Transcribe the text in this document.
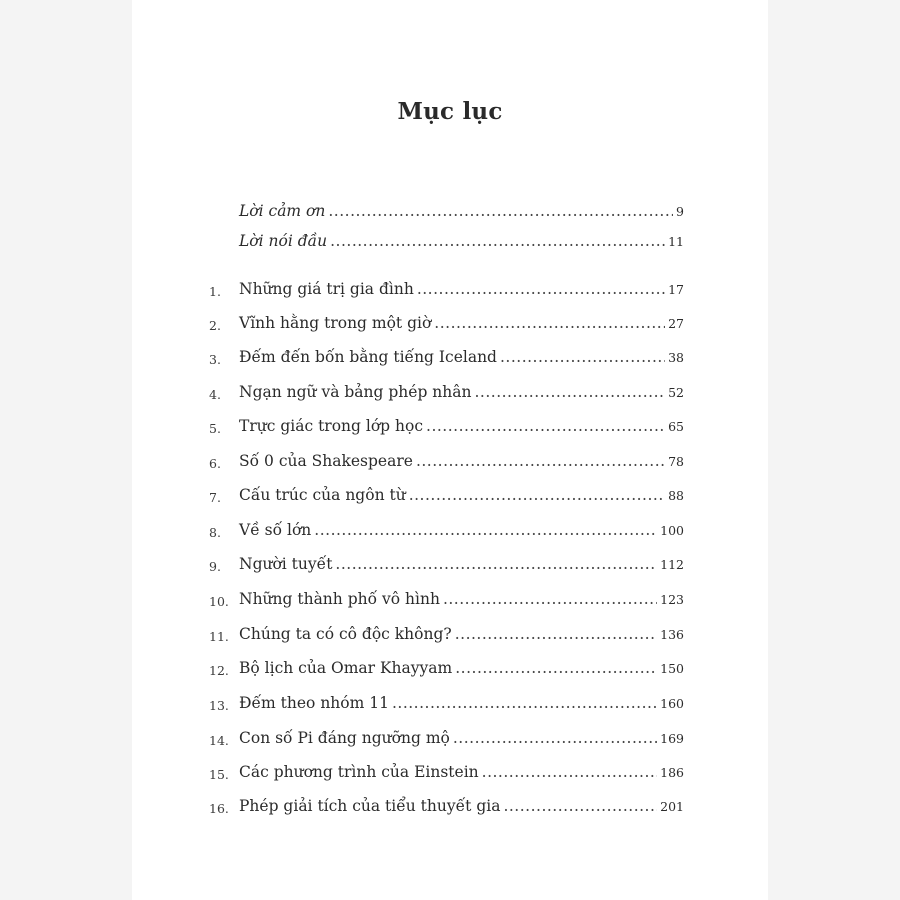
Mục lục
Lời cảm ơn .....	9
Lời nói đầu .....	11
1. Những giá trị gia đình .....	17
2. Vĩnh hằng trong một giờ .....	27
3. Đếm đến bốn bằng tiếng Iceland .....	38
4. Ngạn ngữ và bảng phép nhân .....	52
5. Trực giác trong lớp học .....	65
6. Số 0 của Shakespeare .....	78
7. Cấu trúc của ngôn từ .....	88
8. Về số lớn .....	100
9. Người tuyết .....	112
10. Những thành phố vô hình .....	123
11. Chúng ta có cô độc không? .....	136
12. Bộ lịch của Omar Khayyam .....	150
13. Đếm theo nhóm 11 .....	160
14. Con số Pi đáng ngưỡng mộ .....	169
15. Các phương trình của Einstein .....	186
16. Phép giải tích của tiểu thuyết gia .....	201
